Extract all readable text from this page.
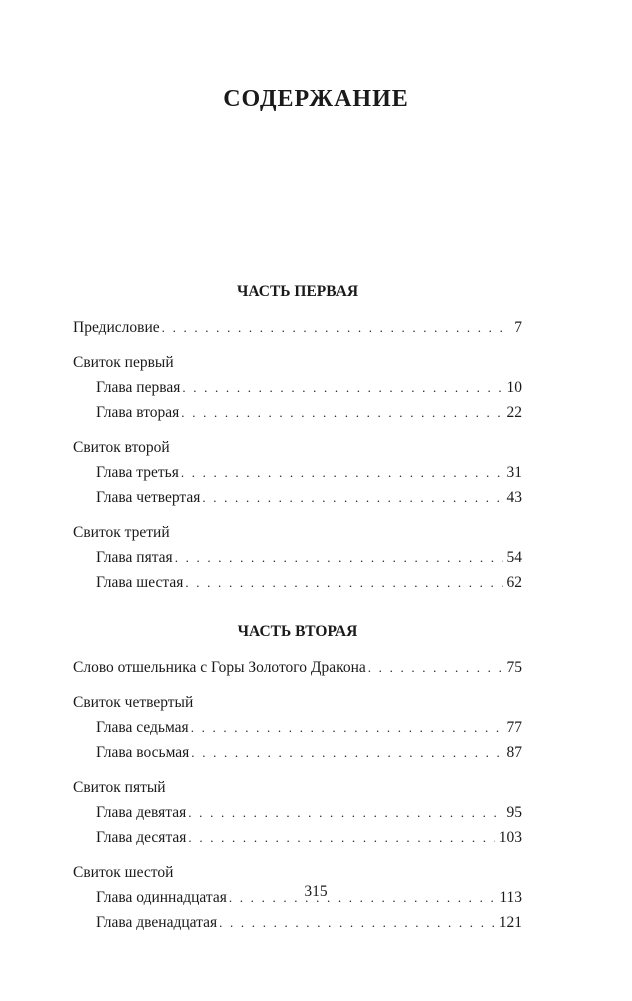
СОДЕРЖАНИЕ
ЧАСТЬ ПЕРВАЯ
Предисловие . . .	7
Свиток первый
Глава первая . . .	10
Глава вторая . . .	22
Свиток второй
Глава третья . . .	31
Глава четвертая . . .	43
Свиток третий
Глава пятая . . .	54
Глава шестая . . .	62
ЧАСТЬ ВТОРАЯ
Слово отшельника с Горы Золотого Дракона . . .	75
Свиток четвертый
Глава седьмая . . .	77
Глава восьмая . . .	87
Свиток пятый
Глава девятая . . .	95
Глава десятая . . .	103
Свиток шестой
Глава одиннадцатая . . .	113
Глава двенадцатая . . .	121
315
